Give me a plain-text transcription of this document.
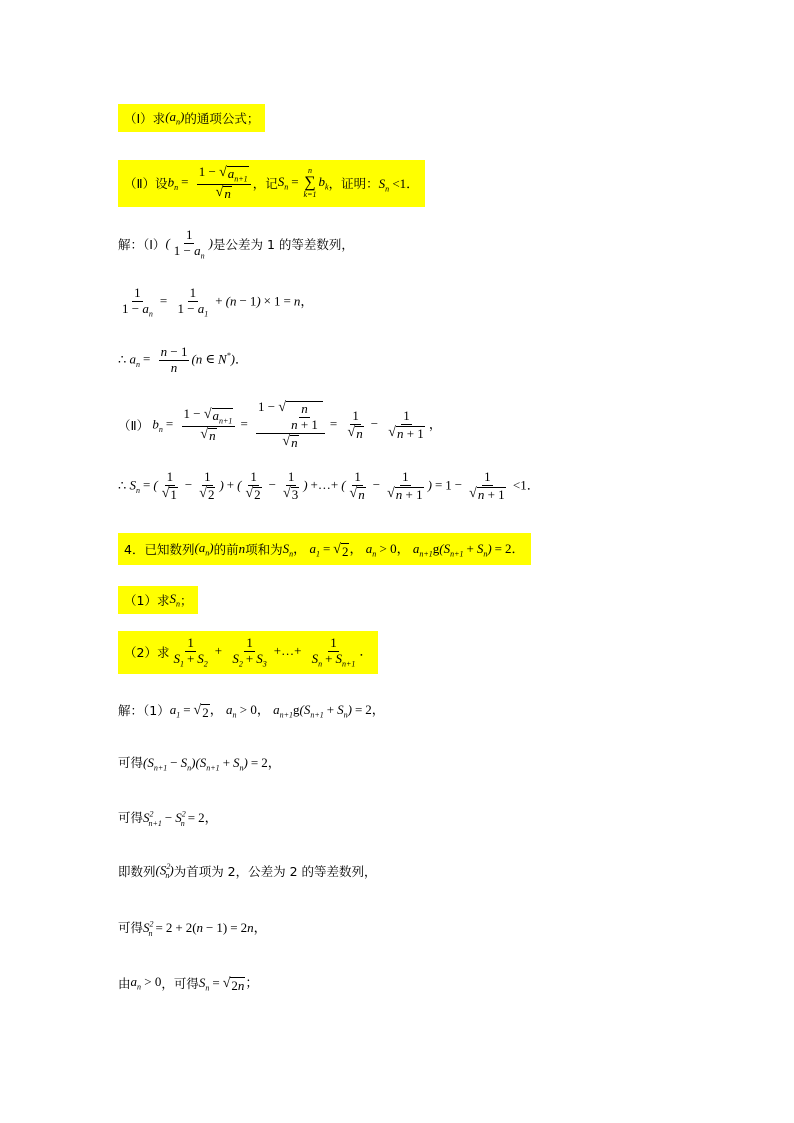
（Ⅰ）求 $(a_n)$ 的通项公式；
（Ⅱ）设 $b_n = \frac{1 - √ a_{n+1}}{√ n}$ ，记 $S_n$ =
n
∑
k=1
$b_k$ ，证明： $S_n <1$．
解：（Ⅰ） ( $\frac{1}{1 - a_n}$ ) 是公差为 1 的等差数列，
$\frac{1}{1 - a_n} = \frac{1}{1 - a_1} + (n - 1) \times 1 = n$，
∴ $a_n = \frac{n - 1}{n} (n$ ∈ N*)．
（Ⅱ） $b_n = \frac{1 - √ a_{n+1}}{√ n} = \frac{1 - √ \frac{n}{n + 1}}{√ n} = \frac{1}{√ n} - \frac{1}{√ n + 1}$ ，
∴ $S_n$ = ( $\frac{1}{√ 1} - \frac{1}{√ 2}$ ) + ( $\frac{1}{√ 2} - \frac{1}{√ 3}$ ) +…+ ( $\frac{1}{√ n} - \frac{1}{√ n + 1}$ ) = $1 - \frac{1}{√ n + 1} <1$．
4．已知数列 $(a_n)$ 的前 n 项和为 $S_n$， $a_1$ = √ 2 ， $a_n > 0$， $a_{n+1}g(S_{n+1} + S_n) = 2$．
（1）求 $S_n$ ；
（2）求 $\frac{1}{S_1 + S_2} + \frac{1}{S_2 + S_3}$ +…+ $\frac{1}{S_n + S_{n+1}}$ ．
解：（1） $a_1$ = √ 2 ， $a_n > 0$， $a_{n+1}g(S_{n+1} + S_n) = 2$，
可得 $(S_{n+1} - S_n)(S_{n+1} + S_n) = 2$，
可得 $S^2_{n+1} - S^2_n = 2$，
即数列 $(S^2_n)$ 为首项为 2，公差为 2 的等差数列，
可得 $S^2_n = 2 + 2(n - 1) = 2n$，
由 $a_n > 0$ ，可得 $S_n$ = √ 2n ；
